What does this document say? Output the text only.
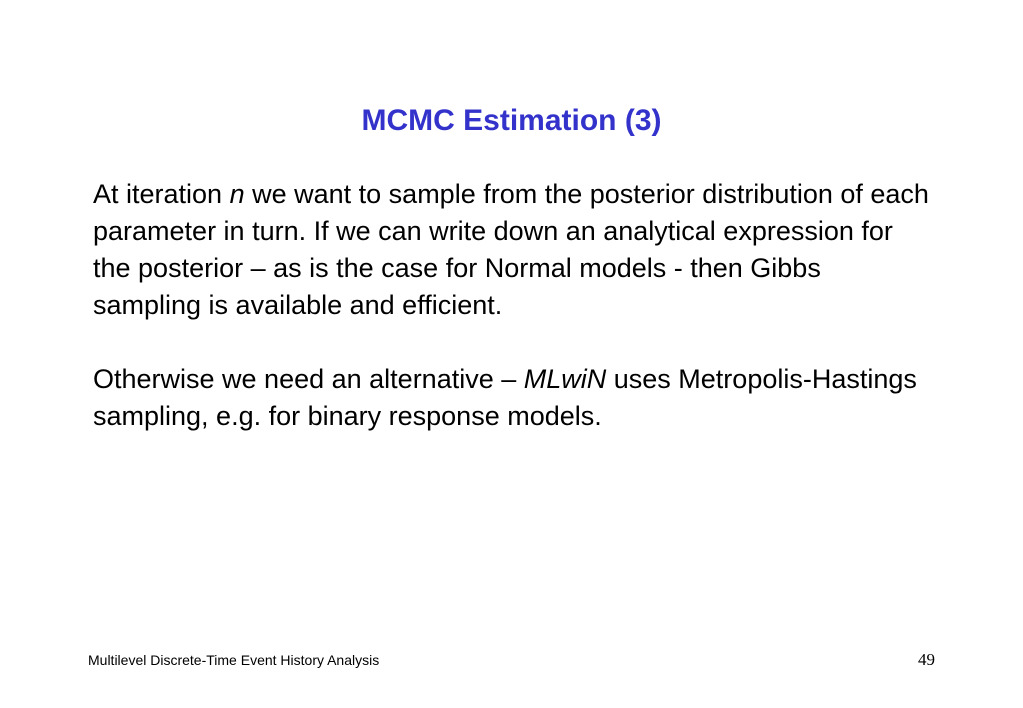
MCMC Estimation (3)

At iteration n we want to sample from the posterior distribution of each parameter in turn. If we can write down an analytical expression for the posterior – as is the case for Normal models - then Gibbs sampling is available and efficient.

Otherwise we need an alternative – MLwiN uses Metropolis-Hastings sampling, e.g. for binary response models.

Multilevel Discrete-Time Event History Analysis	49
